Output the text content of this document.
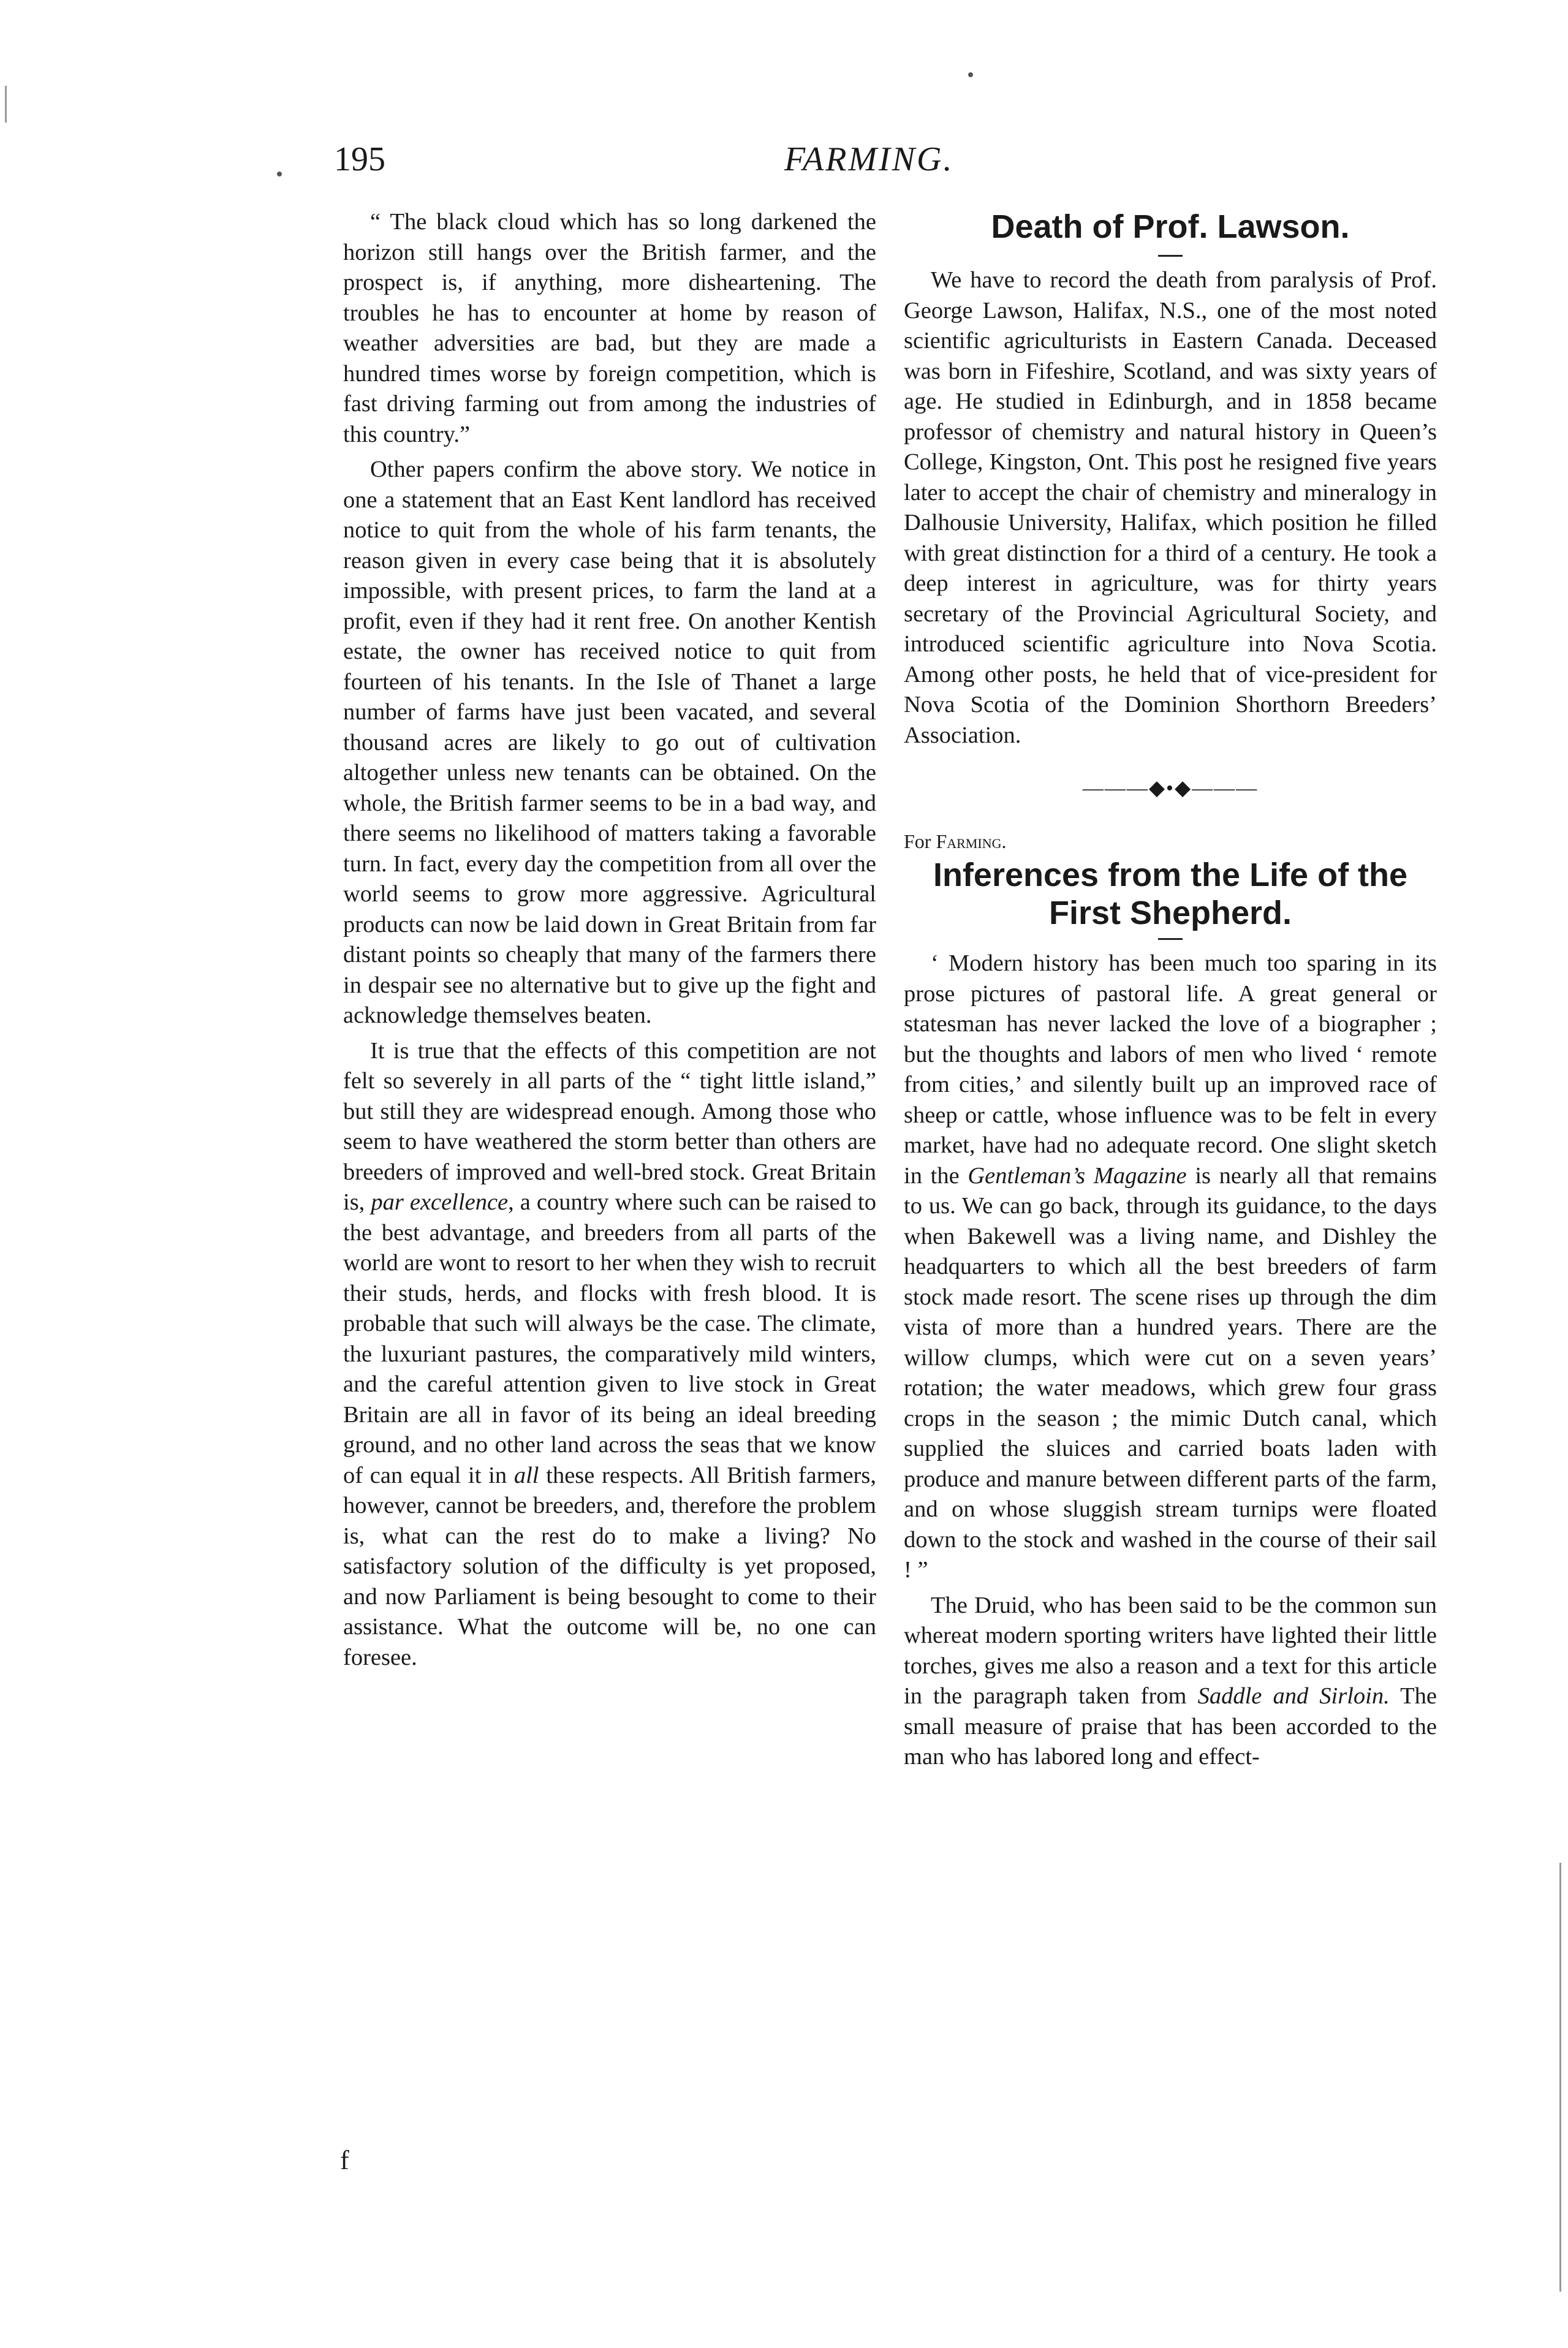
195	FARMING.

“ The black cloud which has so long darkened the horizon still hangs over the British farmer, and the prospect is, if anything, more disheartening. The troubles he has to encounter at home by reason of weather adversities are bad, but they are made a hundred times worse by foreign competition, which is fast driving farming out from among the industries of this country.”

Other papers confirm the above story. We notice in one a statement that an East Kent landlord has received notice to quit from the whole of his farm tenants, the reason given in every case being that it is absolutely impossible, with present prices, to farm the land at a profit, even if they had it rent free. On another Kentish estate, the owner has received notice to quit from fourteen of his tenants. In the Isle of Thanet a large number of farms have just been vacated, and several thousand acres are likely to go out of cultivation altogether unless new tenants can be obtained. On the whole, the British farmer seems to be in a bad way, and there seems no likelihood of matters taking a favorable turn. In fact, every day the competition from all over the world seems to grow more aggressive. Agricultural products can now be laid down in Great Britain from far distant points so cheaply that many of the farmers there in despair see no alternative but to give up the fight and acknowledge themselves beaten.

It is true that the effects of this competition are not felt so severely in all parts of the “ tight little island,” but still they are widespread enough. Among those who seem to have weathered the storm better than others are breeders of improved and well-bred stock. Great Britain is, par excellence, a country where such can be raised to the best advantage, and breeders from all parts of the world are wont to resort to her when they wish to recruit their studs, herds, and flocks with fresh blood. It is probable that such will always be the case. The climate, the luxuriant pastures, the comparatively mild winters, and the careful attention given to live stock in Great Britain are all in favor of its being an ideal breeding ground, and no other land across the seas that we know of can equal it in all these respects. All British farmers, however, cannot be breeders, and, therefore the problem is, what can the rest do to make a living? No satisfactory solution of the difficulty is yet proposed, and now Parliament is being besought to come to their assistance. What the outcome will be, no one can foresee.

f
Death of Prof. Lawson.

We have to record the death from paralysis of Prof. George Lawson, Halifax, N.S., one of the most noted scientific agriculturists in Eastern Canada. Deceased was born in Fifeshire, Scotland, and was sixty years of age. He studied in Edinburgh, and in 1858 became professor of chemistry and natural history in Queen’s College, Kingston, Ont. This post he resigned five years later to accept the chair of chemistry and mineralogy in Dalhousie University, Halifax, which position he filled with great distinction for a third of a century. He took a deep interest in agriculture, was for thirty years secretary of the Provincial Agricultural Society, and introduced scientific agriculture into Nova Scotia. Among other posts, he held that of vice-president for Nova Scotia of the Dominion Shorthorn Breeders’ Association.

———◆•◆———

For Farming.

Inferences from the Life of the
First Shepherd.

‘ Modern history has been much too sparing in its prose pictures of pastoral life. A great general or statesman has never lacked the love of a biographer ; but the thoughts and labors of men who lived ‘ remote from cities,’ and silently built up an improved race of sheep or cattle, whose influence was to be felt in every market, have had no adequate record. One slight sketch in the Gentleman’s Magazine is nearly all that remains to us. We can go back, through its guidance, to the days when Bakewell was a living name, and Dishley the headquarters to which all the best breeders of farm stock made resort. The scene rises up through the dim vista of more than a hundred years. There are the willow clumps, which were cut on a seven years’ rotation; the water meadows, which grew four grass crops in the season ; the mimic Dutch canal, which supplied the sluices and carried boats laden with produce and manure between different parts of the farm, and on whose sluggish stream turnips were floated down to the stock and washed in the course of their sail ! ”

The Druid, who has been said to be the common sun whereat modern sporting writers have lighted their little torches, gives me also a reason and a text for this article in the paragraph taken from Saddle and Sirloin. The small measure of praise that has been accorded to the man who has labored long and effect-
